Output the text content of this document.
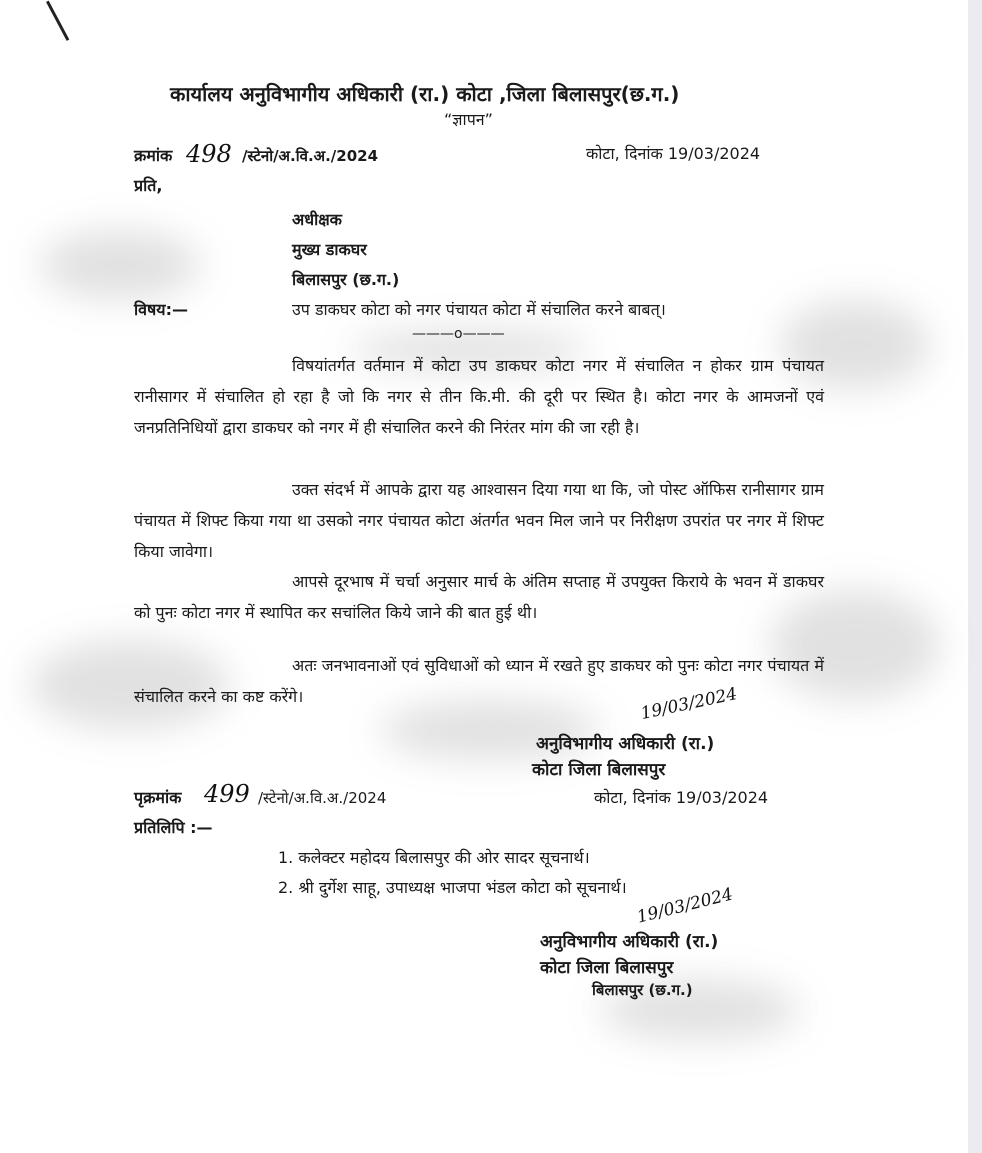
कार्यालय अनुविभागीय अधिकारी (रा.) कोटा ,जिला बिलासपुर(छ.ग.)
“ज्ञापन”
क्रमांक 498 /स्टेनो/अ.वि.अ./2024	कोटा, दिनांक 19/03/2024
प्रति,
अधीक्षक
मुख्य डाकघर
बिलासपुर (छ.ग.)
विषय:—	उप डाकघर कोटा को नगर पंचायत कोटा में संचालित करने बाबत्।
———o———
विषयांतर्गत वर्तमान में कोटा उप डाकघर कोटा नगर में संचालित न होकर ग्राम पंचायत रानीसागर में संचालित हो रहा है जो कि नगर से तीन कि.मी. की दूरी पर स्थित है। कोटा नगर के आमजनों एवं जनप्रतिनिधियों द्वारा डाकघर को नगर में ही संचालित करने की निरंतर मांग की जा रही है।
उक्त संदर्भ में आपके द्वारा यह आश्वासन दिया गया था कि, जो पोस्ट ऑफिस रानीसागर ग्राम पंचायत में शिफ्ट किया गया था उसको नगर पंचायत कोटा अंतर्गत भवन मिल जाने पर निरीक्षण उपरांत पर नगर में शिफ्ट किया जावेगा।
आपसे दूरभाष में चर्चा अनुसार मार्च के अंतिम सप्ताह में उपयुक्त किराये के भवन में डाकघर को पुनः कोटा नगर में स्थापित कर सचांलित किये जाने की बात हुई थी।
अतः जनभावनाओं एवं सुविधाओं को ध्यान में रखते हुए डाकघर को पुनः कोटा नगर पंचायत में संचालित करने का कष्ट करेंगे।	19/03/2024
अनुविभागीय अधिकारी (रा.)
कोटा जिला बिलासपुर
पृक्रमांक 499 /स्टेनो/अ.वि.अ./2024	कोटा, दिनांक 19/03/2024
प्रतिलिपि :—
1. कलेक्टर महोदय बिलासपुर की ओर सादर सूचनार्थ।
2. श्री दुर्गेश साहू, उपाध्यक्ष भाजपा भंडल कोटा को सूचनार्थ। 19/03/2024
अनुविभागीय अधिकारी (रा.)
कोटा जिला बिलासपुर
बिलासपुर (छ.ग.)
